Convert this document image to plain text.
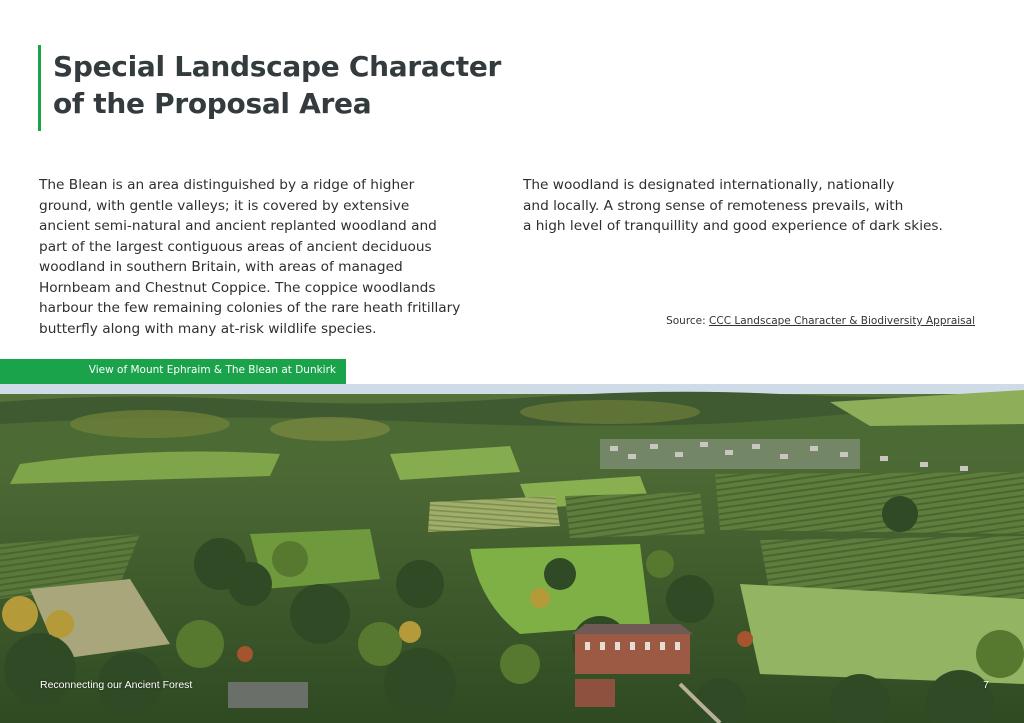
Special Landscape Character
of the Proposal Area

The Blean is an area distinguished by a ridge of higher
ground, with gentle valleys; it is covered by extensive
ancient semi-natural and ancient replanted woodland and
part of the largest contiguous areas of ancient deciduous
woodland in southern Britain, with areas of managed
Hornbeam and Chestnut Coppice. The coppice woodlands
harbour the few remaining colonies of the rare heath fritillary
butterfly along with many at-risk wildlife species.

The woodland is designated internationally, nationally
and locally. A strong sense of remoteness prevails, with
a high level of tranquillity and good experience of dark skies.

Source: CCC Landscape Character & Biodiversity Appraisal
View of Mount Ephraim & The Blean at Dunkirk
Reconnecting our Ancient Forest	7
